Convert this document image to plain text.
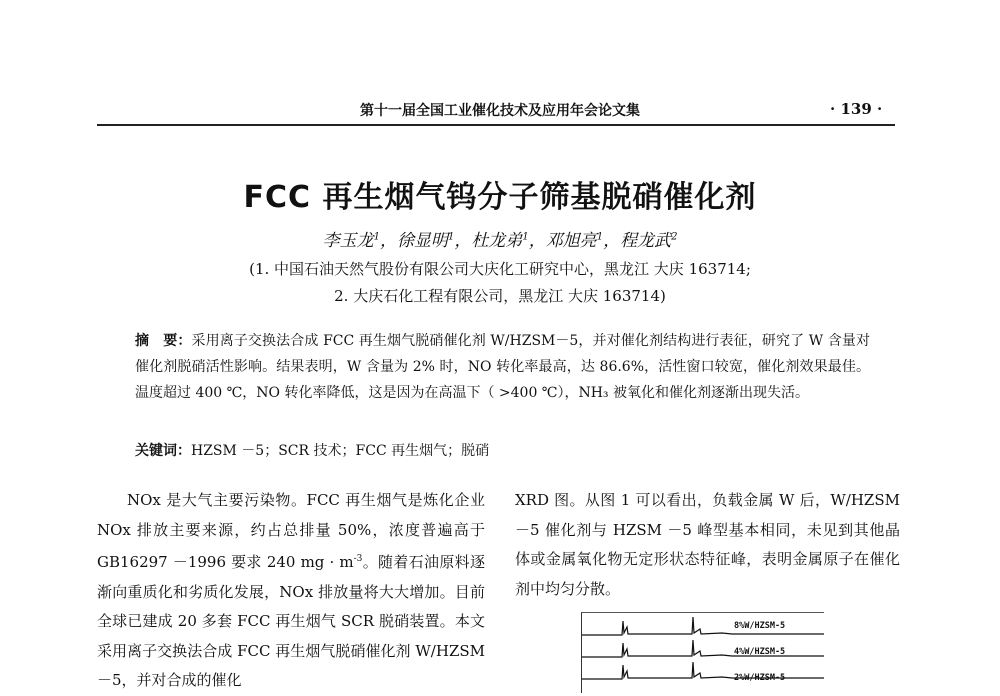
第十一届全国工业催化技术及应用年会论文集	· 139 ·
FCC 再生烟气钨分子筛基脱硝催化剂
李玉龙$^1$，徐显明$^1$，杜龙弟$^1$，邓旭亮$^1$，程龙武$^2$
(1. 中国石油天然气股份有限公司大庆化工研究中心，黑龙江 大庆 163714;
2. 大庆石化工程有限公司，黑龙江 大庆 163714)
摘　要：采用离子交换法合成 FCC 再生烟气脱硝催化剂 W/HZSM－5，并对催化剂结构进行表征，研究了 W 含量对催化剂脱硝活性影响。结果表明，W 含量为 2% 时，NO 转化率最高，达 86.6%，活性窗口较宽，催化剂效果最佳。温度超过 400 ℃，NO 转化率降低，这是因为在高温下（ >400 ℃），NH₃ 被氧化和催化剂逐渐出现失活。
关键词：HZSM －5；SCR 技术；FCC 再生烟气；脱硝
NOx 是大气主要污染物。FCC 再生烟气是炼化企业 NOx 排放主要来源，约占总排量 50%，浓度普遍高于 GB16297 －1996 要求 240 mg · $m^{-3}$。随着石油原料逐渐向重质化和劣质化发展，NOx 排放量将大大增加。目前全球已建成 20 多套 FCC 再生烟气 SCR 脱硝装置。本文采用离子交换法合成 FCC 再生烟气脱硝催化剂 W/HZSM －5，并对合成的催化
XRD 图。从图 1 可以看出，负载金属 W 后，W/HZSM －5 催化剂与 HZSM －5 峰型基本相同，未见到其他晶体或金属氧化物无定形状态特征峰，表明金属原子在催化剂中均匀分散。
8%W/HZSM-5
4%W/HZSM-5
2%W/HZSM-5
